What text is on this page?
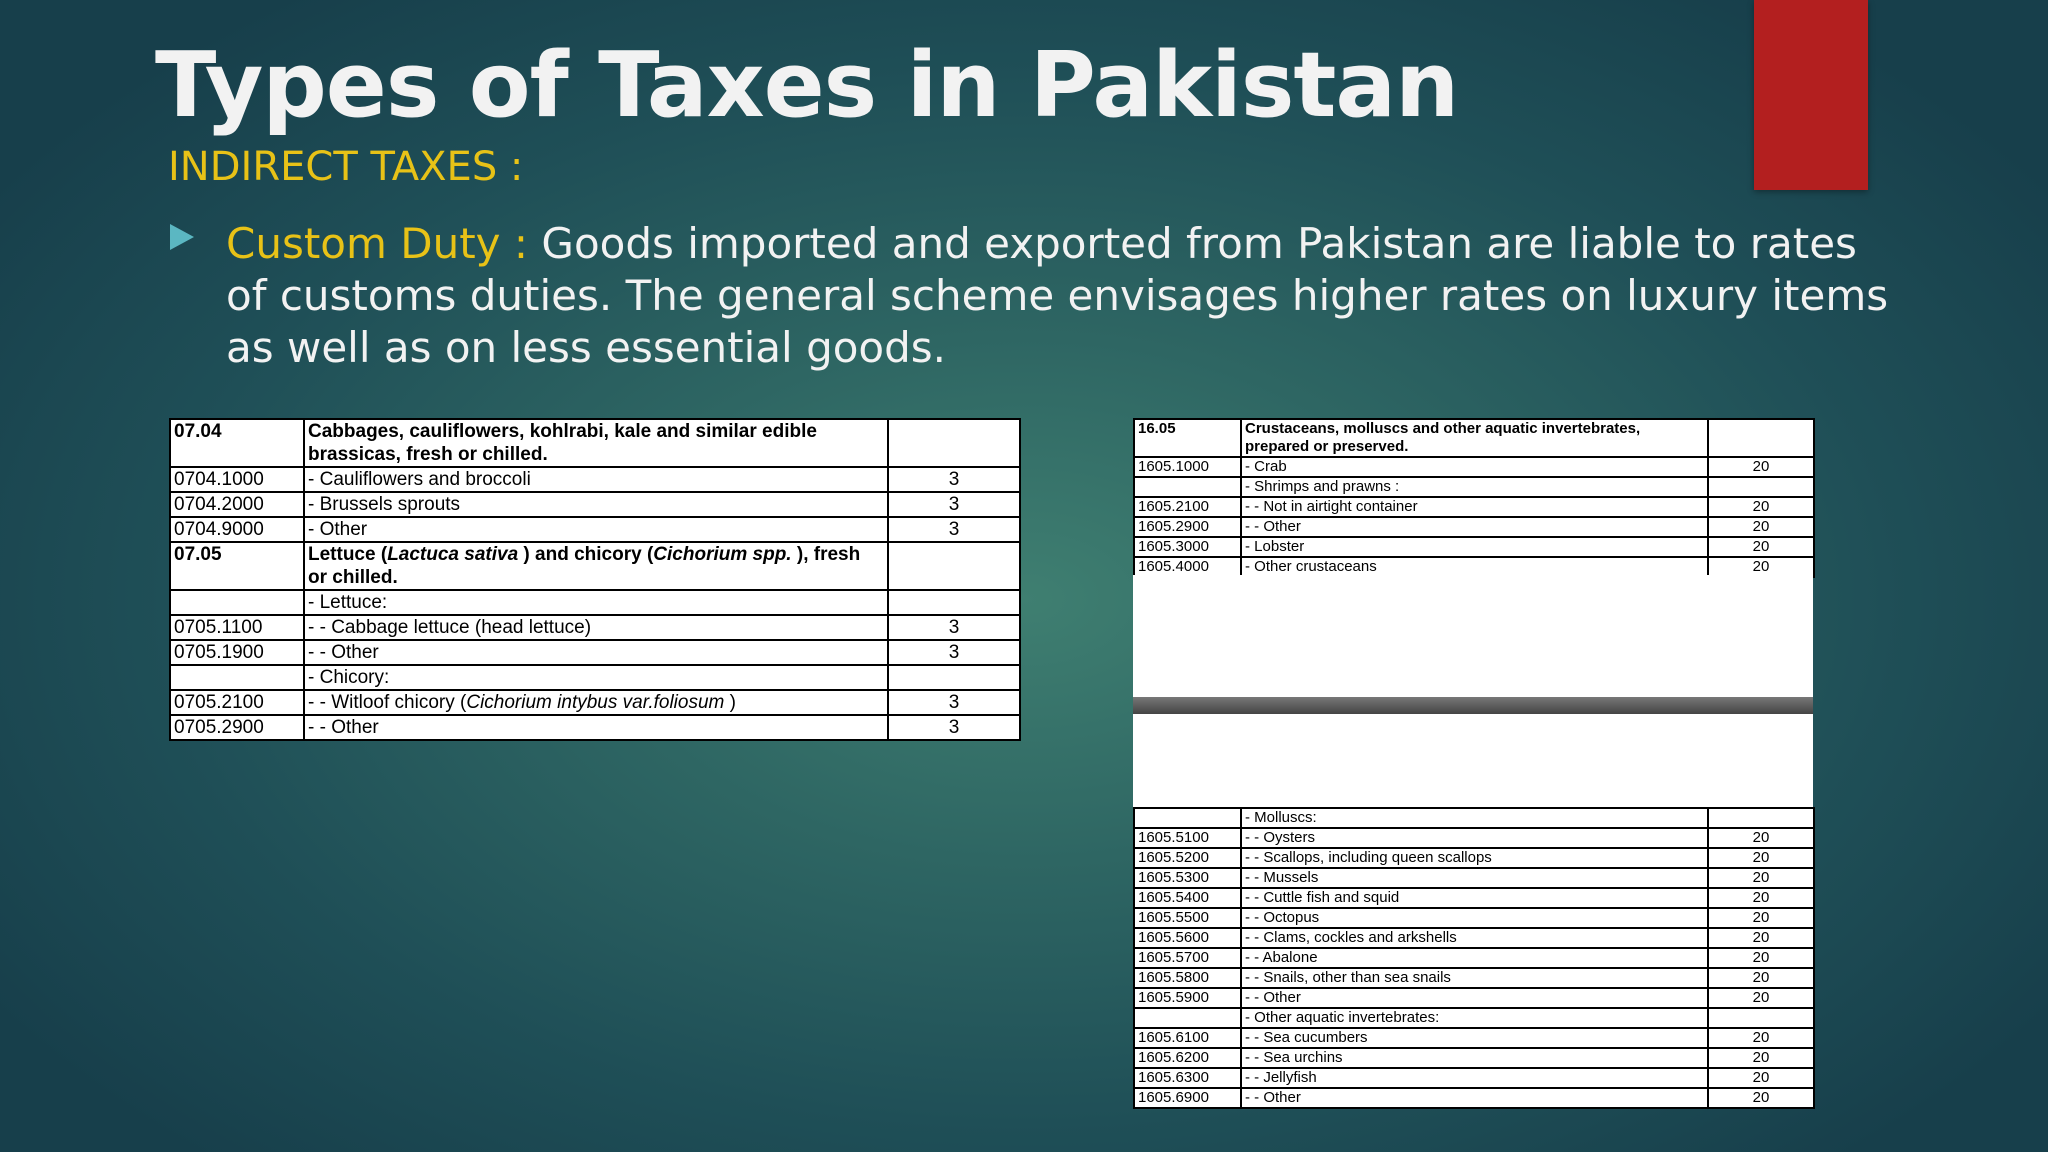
Types of Taxes in Pakistan
INDIRECT TAXES :
Custom Duty : Goods imported and exported from Pakistan are liable to rates of customs duties. The general scheme envisages higher rates on luxury items as well as on less essential goods.
07.04	Cabbages, cauliflowers, kohlrabi, kale and similar edible brassicas, fresh or chilled.	
0704.1000	- Cauliflowers and broccoli	3
0704.2000	- Brussels sprouts	3
0704.9000	- Other	3
07.05	Lettuce (Lactuca sativa ) and chicory (Cichorium spp. ), fresh or chilled.	
	- Lettuce:	
0705.1100	- - Cabbage lettuce (head lettuce)	3
0705.1900	- - Other	3
	- Chicory:	
0705.2100	- - Witloof chicory (Cichorium intybus var.foliosum )	3
0705.2900	- - Other	3
16.05	Crustaceans, molluscs and other aquatic invertebrates, prepared or preserved.	
1605.1000	- Crab	20
	- Shrimps and prawns :	
1605.2100	- - Not in airtight container	20
1605.2900	- - Other	20
1605.3000	- Lobster	20
1605.4000	- Other crustaceans	20
	- Molluscs:	
1605.5100	- - Oysters	20
1605.5200	- - Scallops, including queen scallops	20
1605.5300	- - Mussels	20
1605.5400	- - Cuttle fish and squid	20
1605.5500	- - Octopus	20
1605.5600	- - Clams, cockles and arkshells	20
1605.5700	- - Abalone	20
1605.5800	- - Snails, other than sea snails	20
1605.5900	- - Other	20
	- Other aquatic invertebrates:	
1605.6100	- - Sea cucumbers	20
1605.6200	- - Sea urchins	20
1605.6300	- - Jellyfish	20
1605.6900	- - Other	20
